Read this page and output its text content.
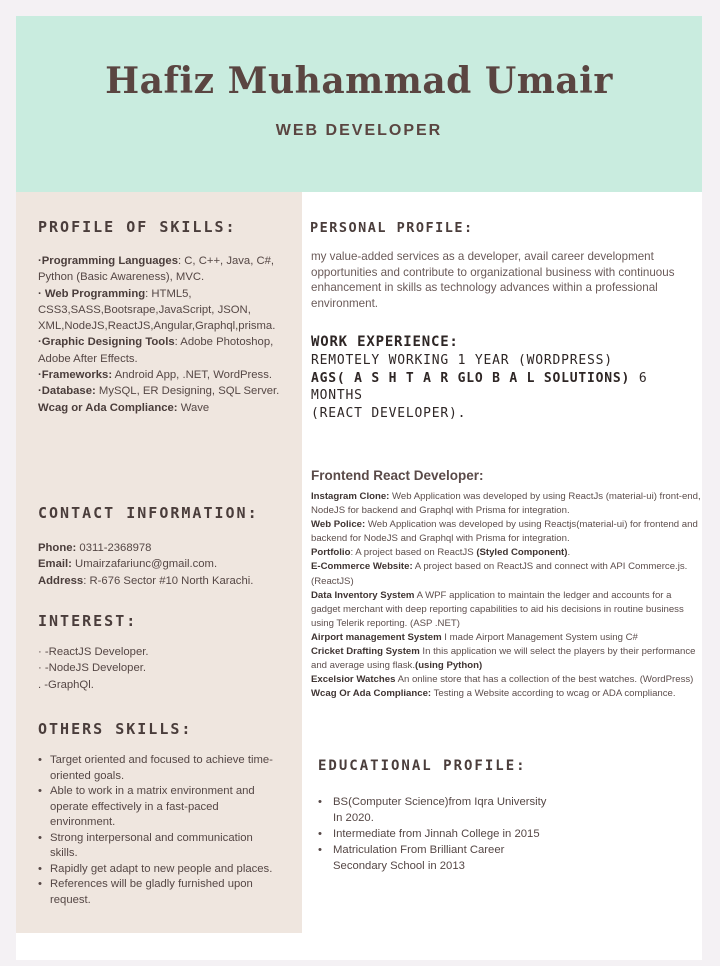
Hafiz Muhammad Umair
WEB DEVELOPER
PROFILE OF SKILLS:

·Programming Languages: C, C++, Java, C#, Python (Basic Awareness), MVC.

· Web Programming: HTML5, CSS3,SASS,Bootsrape,JavaScript, JSON, XML,NodeJS,ReactJS,Angular,Graphql,prisma.

·Graphic Designing Tools: Adobe Photoshop, Adobe After Effects.

·Frameworks: Android App, .NET, WordPress.

·Database: MySQL, ER Designing, SQL Server.

Wcag or Ada Compliance: Wave

CONTACT INFORMATION:

Phone: 0311-2368978

Email: Umairzafariunc@gmail.com.

Address: R-676 Sector #10 North Karachi.

INTEREST:

· -ReactJS Developer.

· -NodeJS Developer.

. -GraphQl.

OTHERS SKILLS:
• Target oriented and focused to achieve time-oriented goals.
• Able to work in a matrix environment and operate effectively in a fast-paced environment.
• Strong interpersonal and communication skills.
• Rapidly get adapt to new people and places.
• References will be gladly furnished upon request.
PERSONAL PROFILE:
my value-added services as a developer, avail career development opportunities and contribute to organizational business with continuous enhancement in skills as technology advances within a professional environment.
WORK EXPERIENCE:
REMOTELY WORKING 1 YEAR (WORDPRESS)
AGS( A S H T A R GLO B A L SOLUTIONS) 6 MONTHS
(REACT DEVELOPER).
Frontend React Developer:

Instagram Clone: Web Application was developed by using ReactJs (material-ui) front-end, NodeJS for backend and Graphql with Prisma for integration.

Web Police: Web Application was developed by using Reactjs(material-ui) for frontend and backend for NodeJS and Graphql with Prisma for integration.

Portfolio: A project based on ReactJS (Styled Component).

E-Commerce Website: A project based on ReactJS and connect with API Commerce.js.(ReactJS)

Data Inventory System A WPF application to maintain the ledger and accounts for a gadget merchant with deep reporting capabilities to aid his decisions in routine business using Telerik reporting. (ASP .NET)

Airport management System I made Airport Management System using C#

Cricket Drafting System In this application we will select the players by their performance and average using flask.(using Python)

Excelsior Watches An online store that has a collection of the best watches. (WordPress)

Wcag Or Ada Compliance: Testing a Website according to wcag or ADA compliance.

EDUCATIONAL PROFILE:
• BS(Computer Science)from Iqra University In 2020.
• Intermediate from Jinnah College in 2015
• Matriculation From Brilliant Career Secondary School in 2013
